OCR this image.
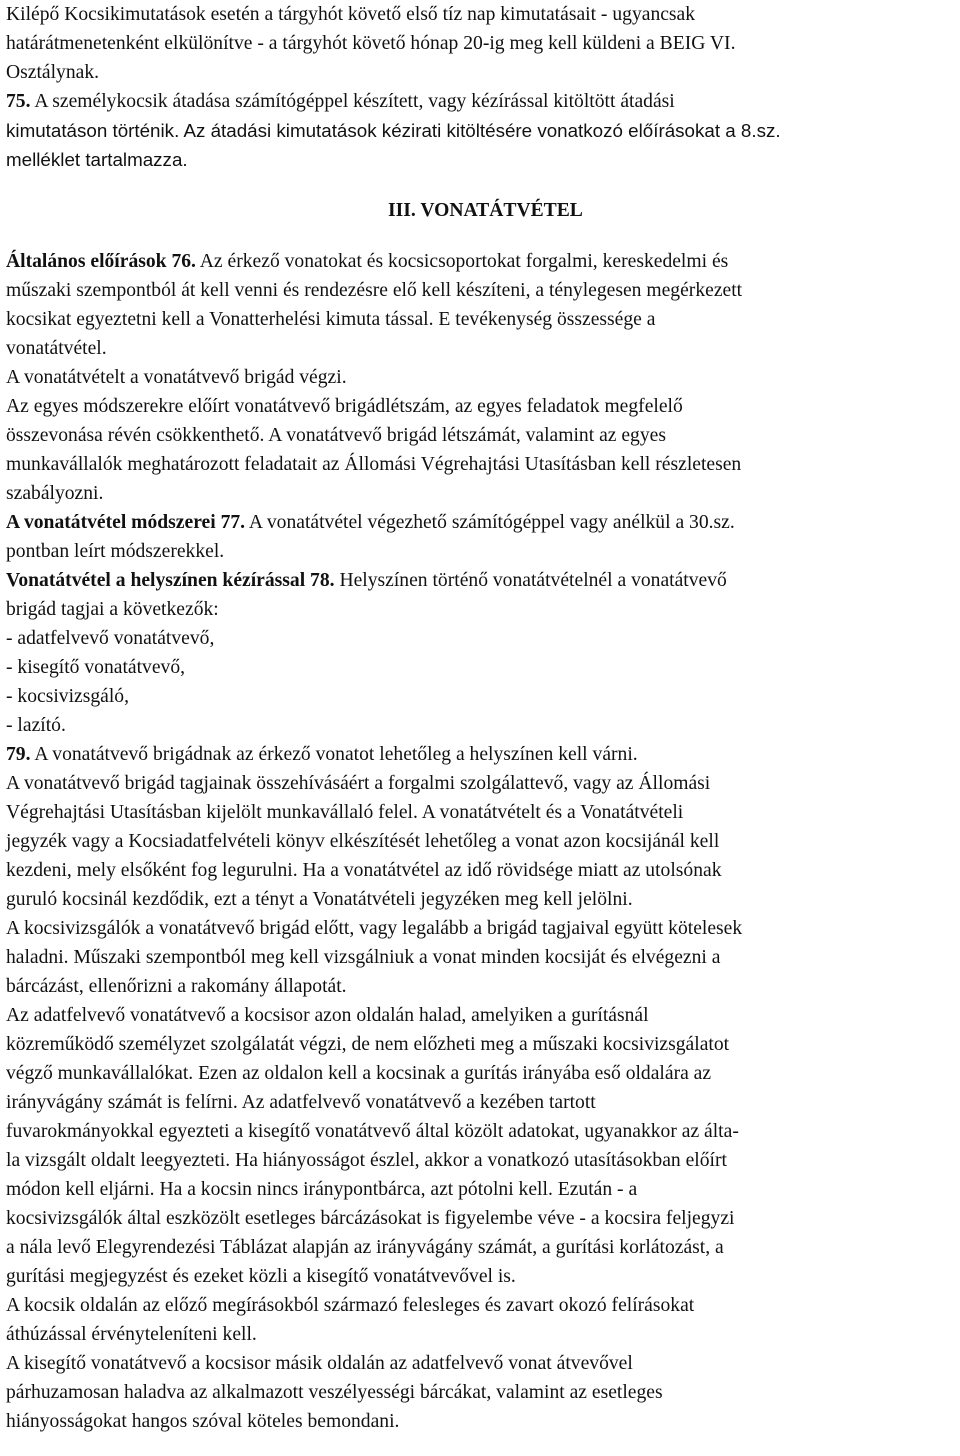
Kilépő Kocsikimutatások esetén a tárgyhót követő első tíz nap kimutatásait - ugyancsak
határátmenetenként elkülönítve - a tárgyhót követő hónap 20-ig meg kell küldeni a BEIG VI.
Osztálynak.
75. A személykocsik átadása számítógéppel készített, vagy kézírással kitöltött átadási
kimutatáson történik. Az átadási kimutatások kézirati kitöltésére vonatkozó előírásokat a 8.sz.
melléklet tartalmazza.
III. VONATÁTVÉTEL
Általános előírások 76. Az érkező vonatokat és kocsicsoportokat forgalmi, kereskedelmi és
műszaki szempontból át kell venni és rendezésre elő kell készíteni, a ténylegesen megérkezett
kocsikat egyeztetni kell a Vonatterhelési kimuta tással. E tevékenység összessége a
vonatátvétel.
A vonatátvételt a vonatátvevő brigád végzi.
Az egyes módszerekre előírt vonatátvevő brigádlétszám, az egyes feladatok megfelelő
összevonása révén csökkenthető. A vonatátvevő brigád létszámát, valamint az egyes
munkavállalók meghatározott feladatait az Állomási Végrehajtási Utasításban kell részletesen
szabályozni.
A vonatátvétel módszerei 77. A vonatátvétel végezhető számítógéppel vagy anélkül a 30.sz.
pontban leírt módszerekkel.
Vonatátvétel a helyszínen kézírással 78. Helyszínen történő vonatátvételnél a vonatátvevő
brigád tagjai a következők:
- adatfelvevő vonatátvevő,
- kisegítő vonatátvevő,
- kocsivizsgáló,
- lazító.
79. A vonatátvevő brigádnak az érkező vonatot lehetőleg a helyszínen kell várni.
A vonatátvevő brigád tagjainak összehívásáért a forgalmi szolgálattevő, vagy az Állomási
Végrehajtási Utasításban kijelölt munkavállaló felel. A vonatátvételt és a Vonatátvételi
jegyzék vagy a Kocsiadatfelvételi könyv elkészítését lehetőleg a vonat azon kocsijánál kell
kezdeni, mely elsőként fog legurulni. Ha a vonatátvétel az idő rövidsége miatt az utolsónak
guruló kocsinál kezdődik, ezt a tényt a Vonatátvételi jegyzéken meg kell jelölni.
A kocsivizsgálók a vonatátvevő brigád előtt, vagy legalább a brigád tagjaival együtt kötelesek
haladni. Műszaki szempontból meg kell vizsgálniuk a vonat minden kocsiját és elvégezni a
bárcázást, ellenőrizni a rakomány állapotát.
Az adatfelvevő vonatátvevő a kocsisor azon oldalán halad, amelyiken a gurításnál
közreműködő személyzet szolgálatát végzi, de nem előzheti meg a műszaki kocsivizsgálatot
végző munkavállalókat. Ezen az oldalon kell a kocsinak a gurítás irányába eső oldalára az
irányvágány számát is felírni. Az adatfelvevő vonatátvevő a kezében tartott
fuvarokmányokkal egyezteti a kisegítő vonatátvevő által közölt adatokat, ugyanakkor az álta-
la vizsgált oldalt leegyezteti. Ha hiányosságot észlel, akkor a vonatkozó utasításokban előírt
módon kell eljárni. Ha a kocsin nincs iránypontbárca, azt pótolni kell. Ezután - a
kocsivizsgálók által eszközölt esetleges bárcázásokat is figyelembe véve - a kocsira feljegyzi
a nála levő Elegyrendezési Táblázat alapján az irányvágány számát, a gurítási korlátozást, a
gurítási megjegyzést és ezeket közli a kisegítő vonatátvevővel is.
A kocsik oldalán az előző megírásokból származó felesleges és zavart okozó felírásokat
áthúzással érvényteleníteni kell.
A kisegítő vonatátvevő a kocsisor másik oldalán az adatfelvevő vonat átvevővel
párhuzamosan haladva az alkalmazott veszélyességi bárcákat, valamint az esetleges
hiányosságokat hangos szóval köteles bemondani.
